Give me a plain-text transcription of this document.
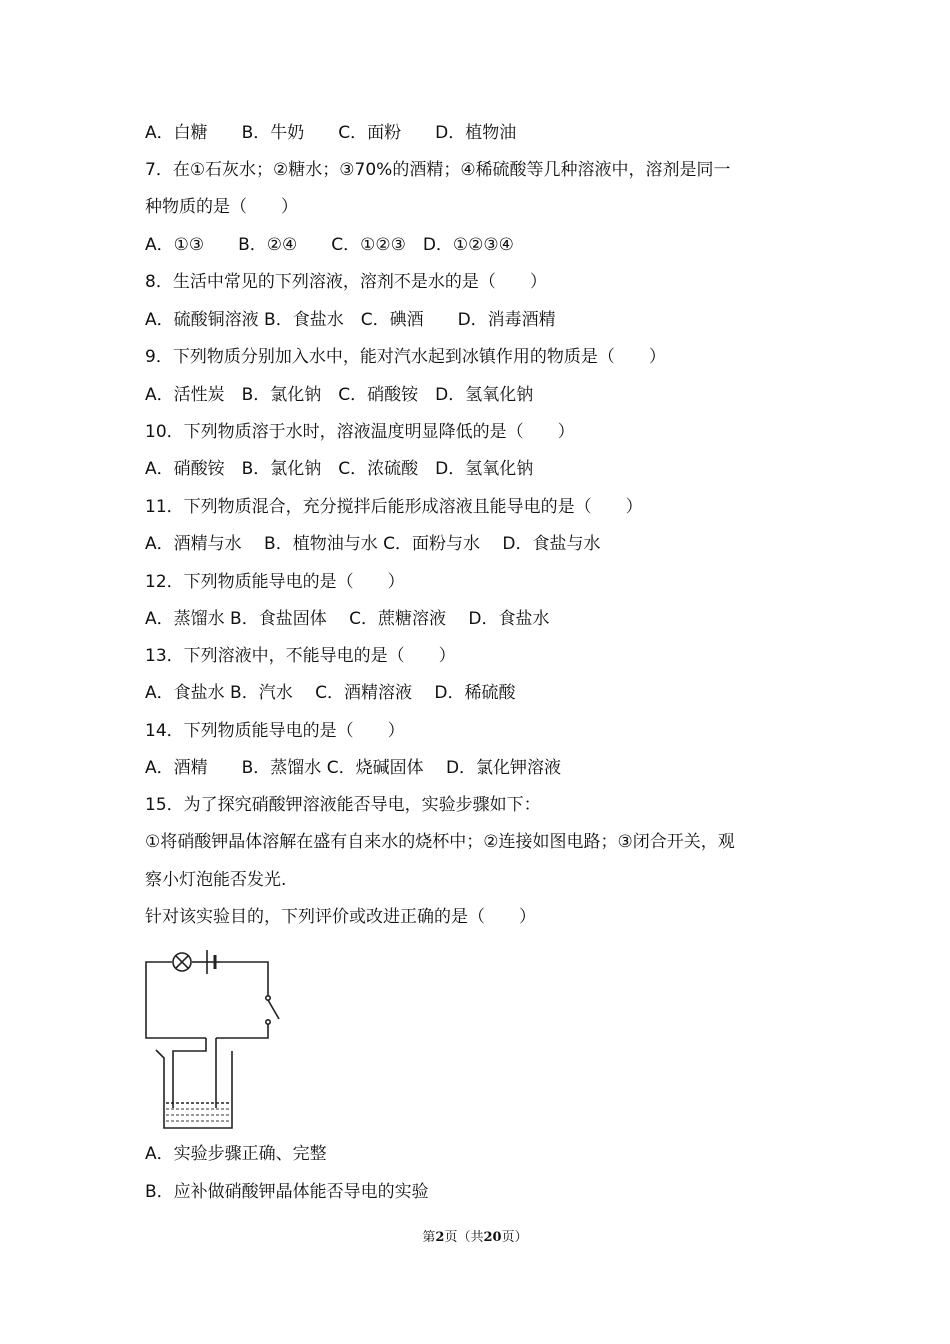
A．白糖　　B．牛奶　　C．面粉　　D．植物油
7．在①石灰水；②糖水；③70%的酒精；④稀硫酸等几种溶液中，溶剂是同一
种物质的是（　　）
A．①③　　B．②④　　C．①②③　D．①②③④
8．生活中常见的下列溶液，溶剂不是水的是（　　）
A．硫酸铜溶液 B．食盐水　C．碘酒　　D．消毒酒精
9．下列物质分别加入水中，能对汽水起到冰镇作用的物质是（　　）
A．活性炭　B．氯化钠　C．硝酸铵　D．氢氧化钠
10．下列物质溶于水时，溶液温度明显降低的是（　　）
A．硝酸铵　B．氯化钠　C．浓硫酸　D．氢氧化钠
11．下列物质混合，充分搅拌后能形成溶液且能导电的是（　　）
A．酒精与水　 B．植物油与水 C．面粉与水　 D．食盐与水
12．下列物质能导电的是（　　）
A．蒸馏水 B．食盐固体　 C．蔗糖溶液　 D．食盐水
13．下列溶液中，不能导电的是（　　）
A．食盐水 B．汽水　 C．酒精溶液　 D．稀硫酸
14．下列物质能导电的是（　　）
A．酒精　　B．蒸馏水 C．烧碱固体　 D．氯化钾溶液
15．为了探究硝酸钾溶液能否导电，实验步骤如下：
①将硝酸钾晶体溶解在盛有自来水的烧杯中；②连接如图电路；③闭合开关，观
察小灯泡能否发光.
针对该实验目的，下列评价或改进正确的是（　　）
A．实验步骤正确、完整
B．应补做硝酸钾晶体能否导电的实验
第2页（共20页）
